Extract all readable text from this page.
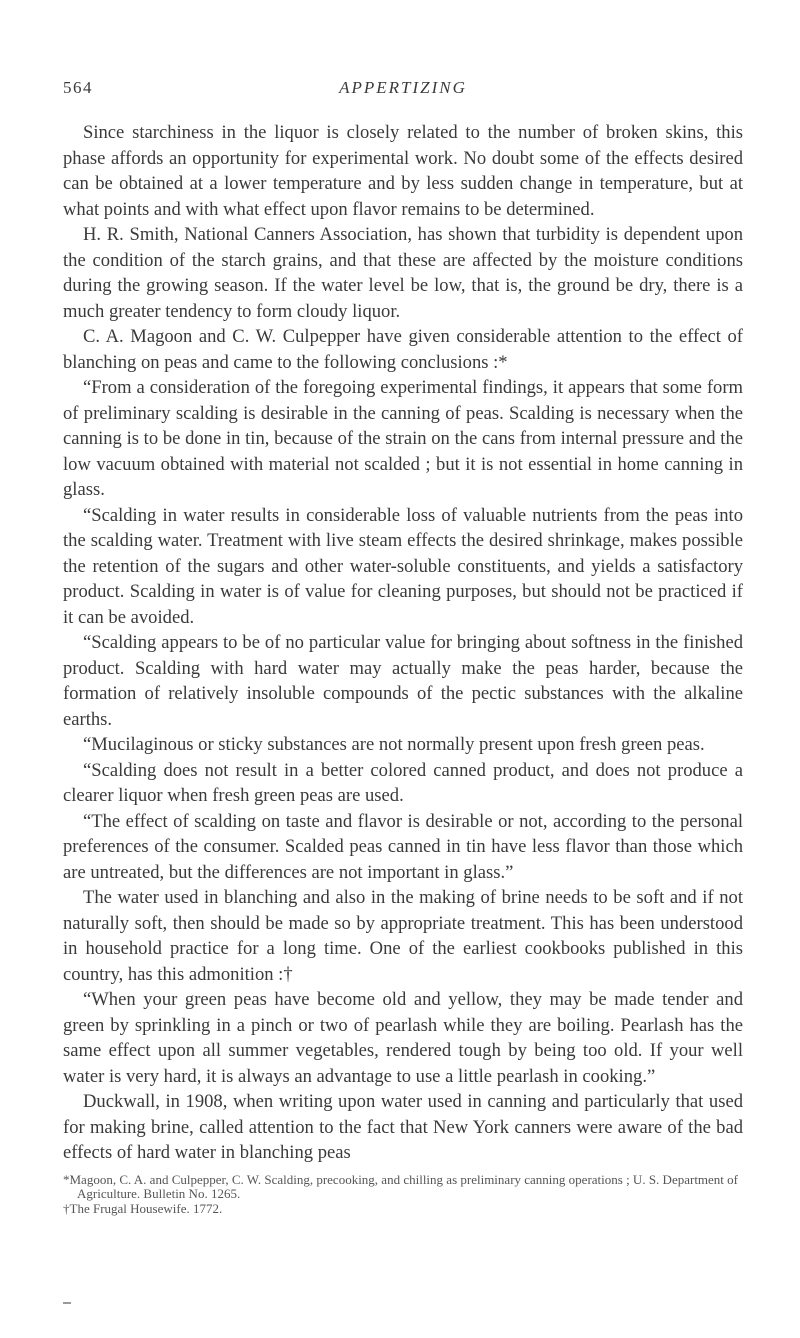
564	APPERTIZING

Since starchiness in the liquor is closely related to the number of broken skins, this phase affords an opportunity for experimental work. No doubt some of the effects desired can be obtained at a lower temperature and by less sudden change in temperature, but at what points and with what effect upon flavor remains to be determined.

H. R. Smith, National Canners Association, has shown that turbidity is dependent upon the condition of the starch grains, and that these are affected by the moisture conditions during the growing season. If the water level be low, that is, the ground be dry, there is a much greater tendency to form cloudy liquor.

C. A. Magoon and C. W. Culpepper have given considerable attention to the effect of blanching on peas and came to the following conclusions :*

“From a consideration of the foregoing experimental findings, it appears that some form of preliminary scalding is desirable in the canning of peas. Scalding is necessary when the canning is to be done in tin, because of the strain on the cans from internal pressure and the low vacuum obtained with material not scalded ; but it is not essential in home canning in glass.

“Scalding in water results in considerable loss of valuable nutrients from the peas into the scalding water. Treatment with live steam effects the desired shrinkage, makes possible the retention of the sugars and other water-soluble constituents, and yields a satisfactory product. Scalding in water is of value for cleaning purposes, but should not be practiced if it can be avoided.

“Scalding appears to be of no particular value for bringing about softness in the finished product. Scalding with hard water may actually make the peas harder, because the formation of relatively insoluble compounds of the pectic substances with the alkaline earths.

“Mucilaginous or sticky substances are not normally present upon fresh green peas.

“Scalding does not result in a better colored canned product, and does not produce a clearer liquor when fresh green peas are used.

“The effect of scalding on taste and flavor is desirable or not, according to the personal preferences of the consumer. Scalded peas canned in tin have less flavor than those which are untreated, but the differences are not important in glass.”

The water used in blanching and also in the making of brine needs to be soft and if not naturally soft, then should be made so by appropriate treatment. This has been understood in household practice for a long time. One of the earliest cookbooks published in this country, has this admonition :†

“When your green peas have become old and yellow, they may be made tender and green by sprinkling in a pinch or two of pearlash while they are boiling. Pearlash has the same effect upon all summer vegetables, rendered tough by being too old. If your well water is very hard, it is always an advantage to use a little pearlash in cooking.”

Duckwall, in 1908, when writing upon water used in canning and particularly that used for making brine, called attention to the fact that New York canners were aware of the bad effects of hard water in blanching peas

*Magoon, C. A. and Culpepper, C. W. Scalding, precooking, and chilling as preliminary canning operations ; U. S. Department of Agriculture. Bulletin No. 1265.

†The Frugal Housewife. 1772.
